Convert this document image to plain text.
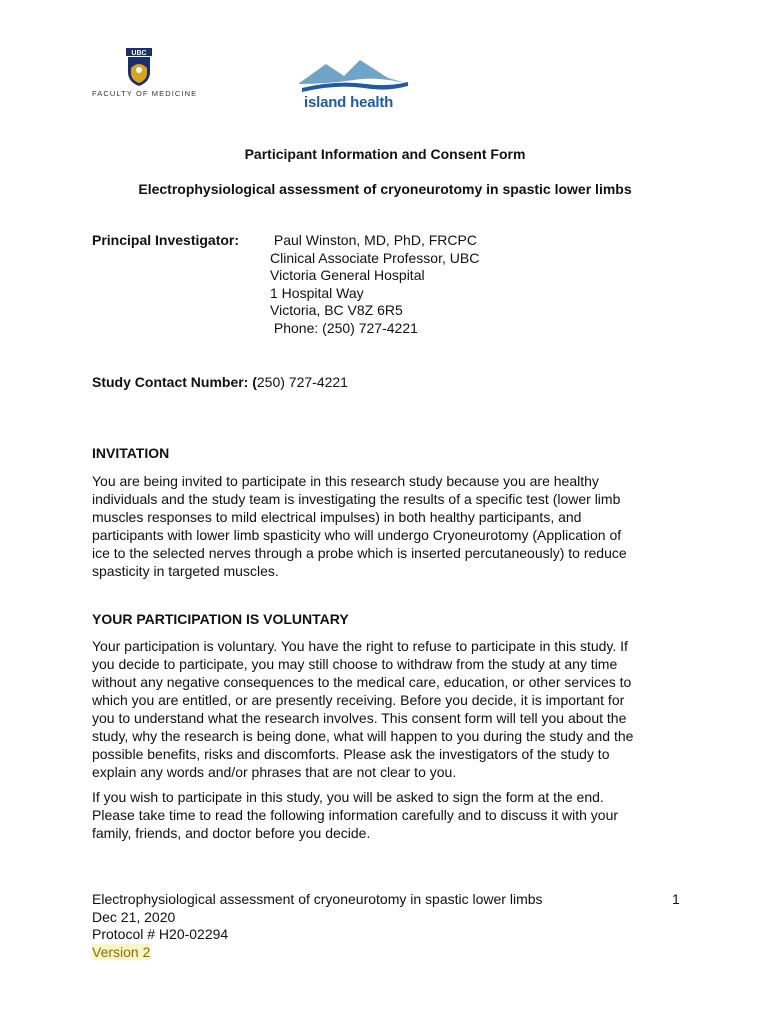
UBC
FACULTY OF MEDICINE
island health
Participant Information and Consent Form
Electrophysiological assessment of cryoneurotomy in spastic lower limbs
Principal Investigator: Paul Winston, MD, PhD, FRCPC
Clinical Associate Professor, UBC
Victoria General Hospital
1 Hospital Way
Victoria, BC V8Z 6R5
Phone: (250) 727-4221
Study Contact Number: (250) 727-4221
INVITATION
You are being invited to participate in this research study because you are healthy
individuals and the study team is investigating the results of a specific test (lower limb
muscles responses to mild electrical impulses) in both healthy participants, and
participants with lower limb spasticity who will undergo Cryoneurotomy (Application of
ice to the selected nerves through a probe which is inserted percutaneously) to reduce
spasticity in targeted muscles.
YOUR PARTICIPATION IS VOLUNTARY
Your participation is voluntary. You have the right to refuse to participate in this study. If
you decide to participate, you may still choose to withdraw from the study at any time
without any negative consequences to the medical care, education, or other services to
which you are entitled, or are presently receiving. Before you decide, it is important for
you to understand what the research involves. This consent form will tell you about the
study, why the research is being done, what will happen to you during the study and the
possible benefits, risks and discomforts. Please ask the investigators of the study to
explain any words and/or phrases that are not clear to you.
If you wish to participate in this study, you will be asked to sign the form at the end.
Please take time to read the following information carefully and to discuss it with your
family, friends, and doctor before you decide.
Electrophysiological assessment of cryoneurotomy in spastic lower limbs
Dec 21, 2020
Protocol # H20-02294
Version 2
1
